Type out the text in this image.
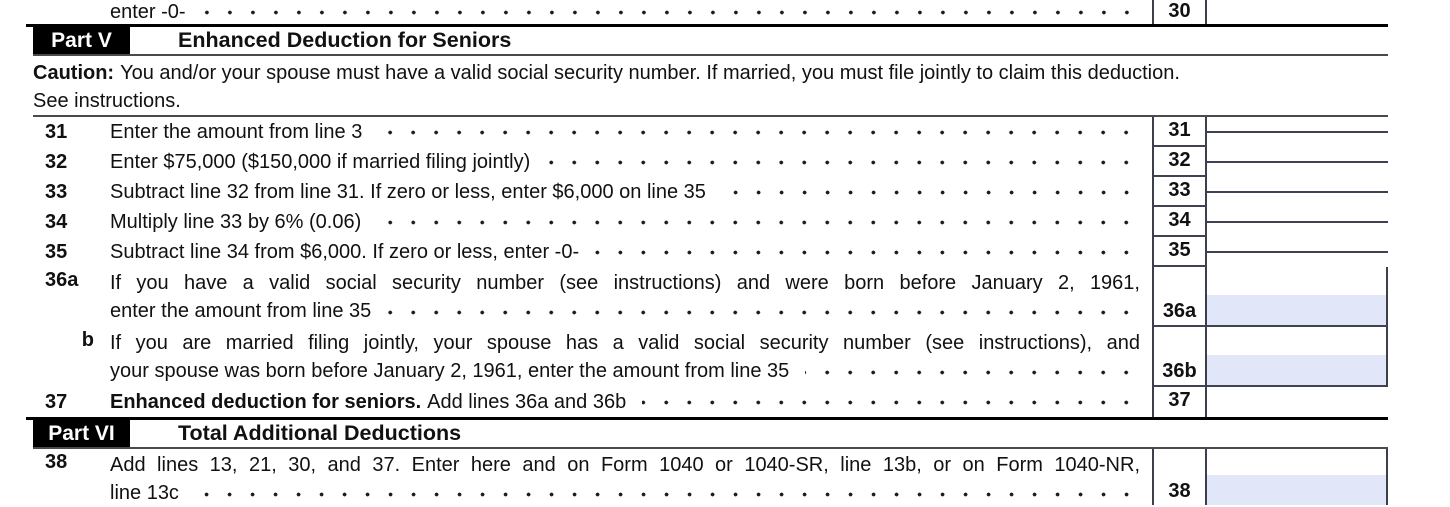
enter -0-	30
Part V	Enhanced Deduction for Seniors
Caution: You and/or your spouse must have a valid social security number. If married, you must file jointly to claim this deduction.
See instructions.
31	Enter the amount from line 3	31
32	Enter $75,000 ($150,000 if married filing jointly)	32
33	Subtract line 32 from line 31. If zero or less, enter $6,000 on line 35	33
34	Multiply line 33 by 6% (0.06)	34
35	Subtract line 34 from $6,000. If zero or less, enter -0-	35
36a	If you have a valid social security number (see instructions) and were born before January 2, 1961,
enter the amount from line 35	36a
b If you are married filing jointly, your spouse has a valid social security number (see instructions), and
your spouse was born before January 2, 1961, enter the amount from line 35	36b
37	Enhanced deduction for seniors. Add lines 36a and 36b	37
Part VI	Total Additional Deductions
38	Add lines 13, 21, 30, and 37. Enter here and on Form 1040 or 1040-SR, line 13b, or on Form 1040-NR,
line 13c	38
